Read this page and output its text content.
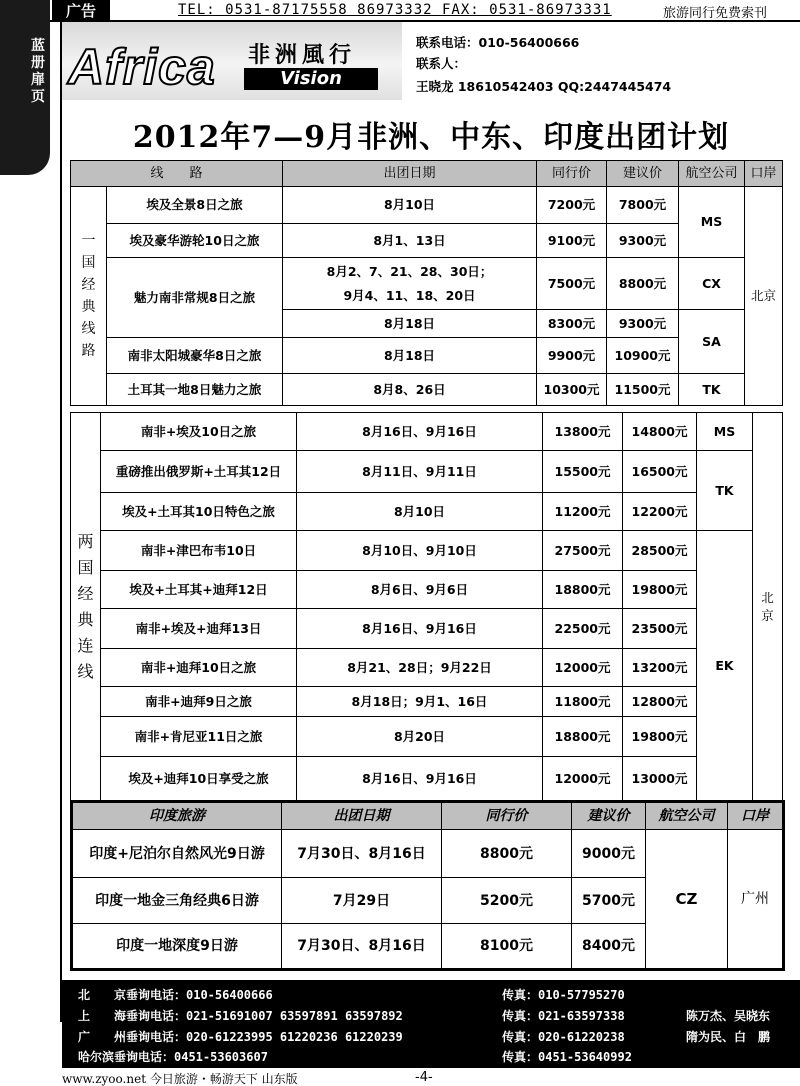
蓝册扉页
广告	TEL: 0531-87175558 86973332 FAX: 0531-86973331	旅游同行免费索刊
Africa 非洲風行
Vision
联系电话：010-56400666
联系人：
王晓龙 18610542403 QQ:2447445474
2012年7—9月非洲、中东、印度出团计划
线　　路		出团日期	同行价	建议价	航空公司	口岸

一国经典线路	埃及全景8日之旅	8月10日	7200元	7800元	MS	北京
	埃及豪华游轮10日之旅	8月1、13日	9100元	9300元		
	魅力南非常规8日之旅	8月2、7、21、28、30日；
9月4、11、18、20日	7500元	8800元	CX	
		8月18日	8300元	9300元	SA	
	南非太阳城豪华8日之旅	8月18日	9900元	10900元		
	土耳其一地8日魅力之旅	8月8、26日	10300元	11500元	TK	
两国经典连线	南非+埃及10日之旅	8月16日、9月16日	13800元	14800元	MS	北京

	重磅推出俄罗斯+土耳其12日	8月11日、9月11日	15500元	16500元	TK	
	埃及+土耳其10日特色之旅	8月10日	11200元	12200元		
	南非+津巴布韦10日	8月10日、9月10日	27500元	28500元	EK	
	埃及+土耳其+迪拜12日	8月6日、9月6日	18800元	19800元		
	南非+埃及+迪拜13日	8月16日、9月16日	22500元	23500元		
	南非+迪拜10日之旅	8月21、28日；9月22日	12000元	13200元		
	南非+迪拜9日之旅	8月18日；9月1、16日	11800元	12800元		
	南非+肯尼亚11日之旅	8月20日	18800元	19800元		
	埃及+迪拜10日享受之旅	8月16日、9月16日	12000元	13000元		
印度旅游	出团日期	同行价	建议价	航空公司	口岸
印度+尼泊尔自然风光9日游	7月30日、8月16日	8800元	9000元	CZ	广州
印度一地金三角经典6日游	7月29日	5200元	5700元		
印度一地深度9日游	7月30日、8月16日	8100元	8400元		
北　　京垂询电话：010-56400666	传真：010-57795270
上　　海垂询电话：021-51691007 63597891 63597892	传真：021-63597338	陈万杰、吴晓东
广　　州垂询电话：020-61223995 61220236 61220239	传真：020-61220238	隋为民、白　鹏
哈尔滨垂询电话：0451-53603607	传真：0451-53640992
www.zyoo.net 今日旅游・畅游天下 山东版	-4-
